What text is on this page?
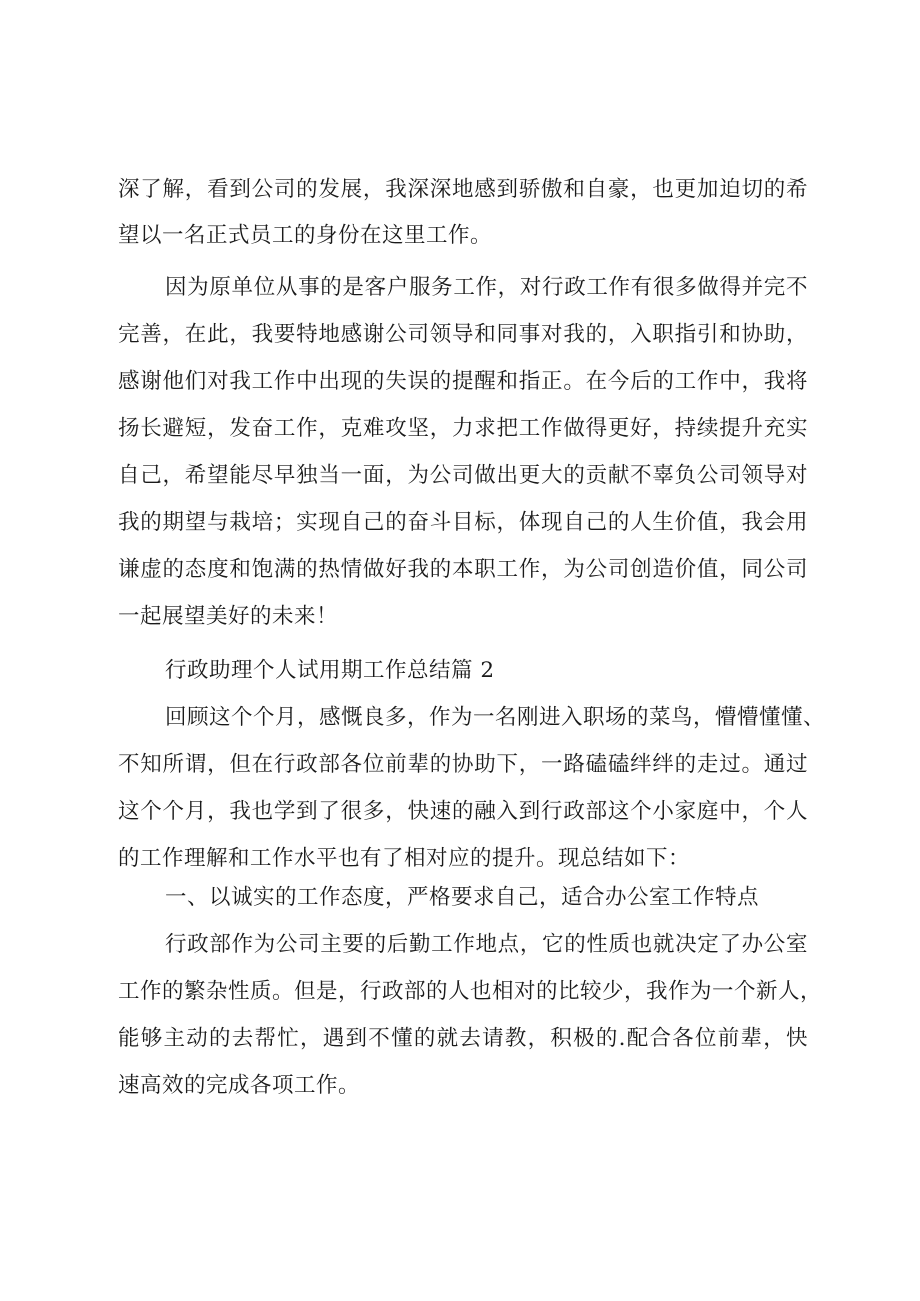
深了解，看到公司的发展，我深深地感到骄傲和自豪，也更加迫切的希
望以一名正式员工的身份在这里工作。
因为原单位从事的是客户服务工作，对行政工作有很多做得并完不
完善，在此，我要特地感谢公司领导和同事对我的，入职指引和协助，
感谢他们对我工作中出现的失误的提醒和指正。在今后的工作中，我将
扬长避短，发奋工作，克难攻坚，力求把工作做得更好，持续提升充实
自己，希望能尽早独当一面，为公司做出更大的贡献不辜负公司领导对
我的期望与栽培；实现自己的奋斗目标，体现自己的人生价值，我会用
谦虚的态度和饱满的热情做好我的本职工作，为公司创造价值，同公司
一起展望美好的未来！
行政助理个人试用期工作总结篇 2
回顾这个个月，感慨良多，作为一名刚进入职场的菜鸟，懵懵懂懂、
不知所谓，但在行政部各位前辈的协助下，一路磕磕绊绊的走过。通过
这个个月，我也学到了很多，快速的融入到行政部这个小家庭中，个人
的工作理解和工作水平也有了相对应的提升。现总结如下：
一、以诚实的工作态度，严格要求自己，适合办公室工作特点
行政部作为公司主要的后勤工作地点，它的性质也就决定了办公室
工作的繁杂性质。但是，行政部的人也相对的比较少，我作为一个新人，
能够主动的去帮忙，遇到不懂的就去请教，积极的.配合各位前辈，快
速高效的完成各项工作。
